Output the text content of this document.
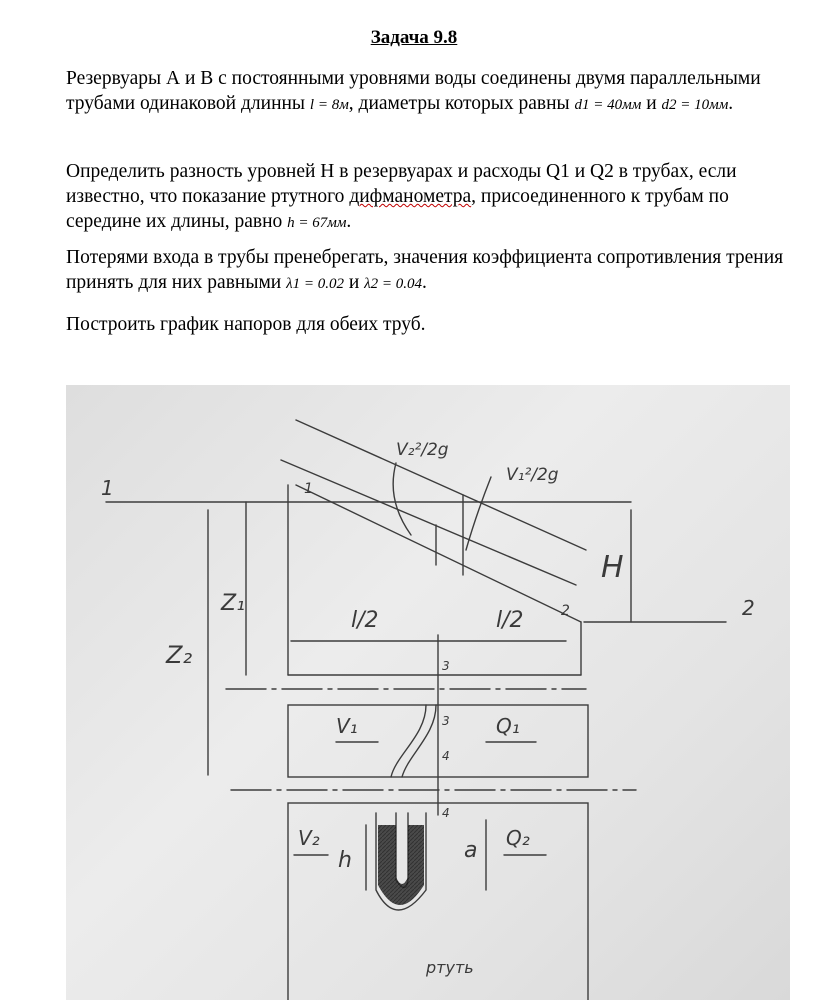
Задача 9.8

Резервуары А и В с постоянными уровнями воды соединены двумя параллельными трубами одинаковой длинны l = 8м, диаметры которых равны d1 = 40мм и d2 = 10мм.

Определить разность уровней Н в резервуарах и расходы Q1 и Q2 в трубах, если известно, что показание ртутного дифманометра, присоединенного к трубам по середине их длины, равно h = 67мм.

Потерями входа в трубы пренебрегать, значения коэффициента сопротивления трения принять для них равными λ1 = 0.02 и λ2 = 0.04.

Построить график напоров для обеих труб.

1	1
2
2
V₂²/2g
V₁²/2g
H
Z₁
Z₂
l/2	l/2
3
3
4
4
V₁	Q₁
V₂	Q₂
h	a
ртуть
